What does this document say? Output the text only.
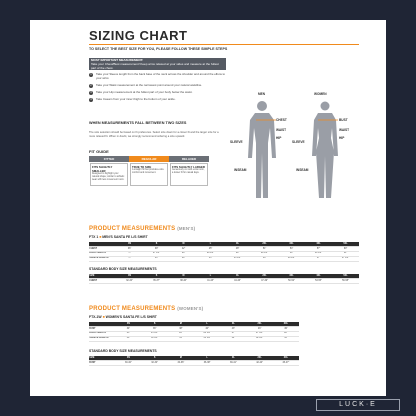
SIZING CHART
TO SELECT THE BEST SIZE FOR YOU, PLEASE FOLLOW THESE SIMPLE STEPS
MOST IMPORTANT MEASUREMENT:
Take your Chest/Bust measurement! Keep arms relaxed at your sides and measure at the fullest part of the chest.
1	Take your Sleeve length from the back base of the neck across the shoulder and around the elbow to your wrist.
2	Take your Waist measurement at the narrowest point around your natural waistline.
3	Take your Hip measurement at the fullest part of your body below the waist.
4	Take Inseam from your inner thigh to the bottom of your ankle.
WHEN MEASUREMENTS FALL BETWEEN TWO SIZES
The size selection should be based on fit preference. Select size down for a closer fit and the larger size for a more relaxed fit. When in doubt, we strongly recommend ordering a size upward.
FIT GUIDE
FITTED
FITS SLIGHTLY SMALLER
Designed to highlight your natural shape; similar to athletic wear with less movement room.
REGULAR
TRUE TO SIZE
A straight fit that provides extra comfort and movement.
RELAXED
FITS SLIGHTLY LARGER
Generously cut with extra room, a looser fit for casual days.
MEN	WOMEN
CHEST
WAIST
HIP
SLEEVE
INSEAM
BUST
WAIST
HIP
SLEEVE
INSEAM
PRODUCT MEASUREMENTS (MEN'S)
FTX 1 ■ MEN'S SANTA FE L/S SHIRT
	XS	S	M	L	XL	2XL	3XL	4XL	5XL
CHEST	36"	39"	42"	45"	48"	51"	54"	57"	60"
BACK LENGTH	—	27 1/2"	28"	28 1/2"	29"	29 1/2"	30"	30 1/2"	31"
SLEEVE LENGTH	—	33"	34"	35"	35 1/2"	36"	36 1/2"	37"	37 1/2"
STANDARD BODY SIZE MEASUREMENTS
SIZE	XS	S	M	L	XL	2XL	3XL	4XL	5XL
CHEST	32-34"	35-37"	38-40"	41-43"	44-46"	47-49"	50-52"	53-55"	56-58"
PRODUCT MEASUREMENTS (WOMEN'S)
FTX-1W ■ WOMEN'S SANTA FE L/S SHIRT
	XS	S	M	L	XL	2XL	3XL
BUST	34"	36"	38"	40"	43"	46"	49"
BACK LENGTH	25"	25 1/2"	26"	26 1/2"	27"	27 1/2"	28"
SLEEVE LENGTH	30"	30 1/2"	31"	31 1/2"	32"	32 1/2"	33"
STANDARD BODY SIZE MEASUREMENTS
SIZE	XS	S	M	L	XL	2XL	3XL
BUST	30-32"	32-34"	34-36"	36-38"	39-41"	42-44"	45-47"
LUCK·E
